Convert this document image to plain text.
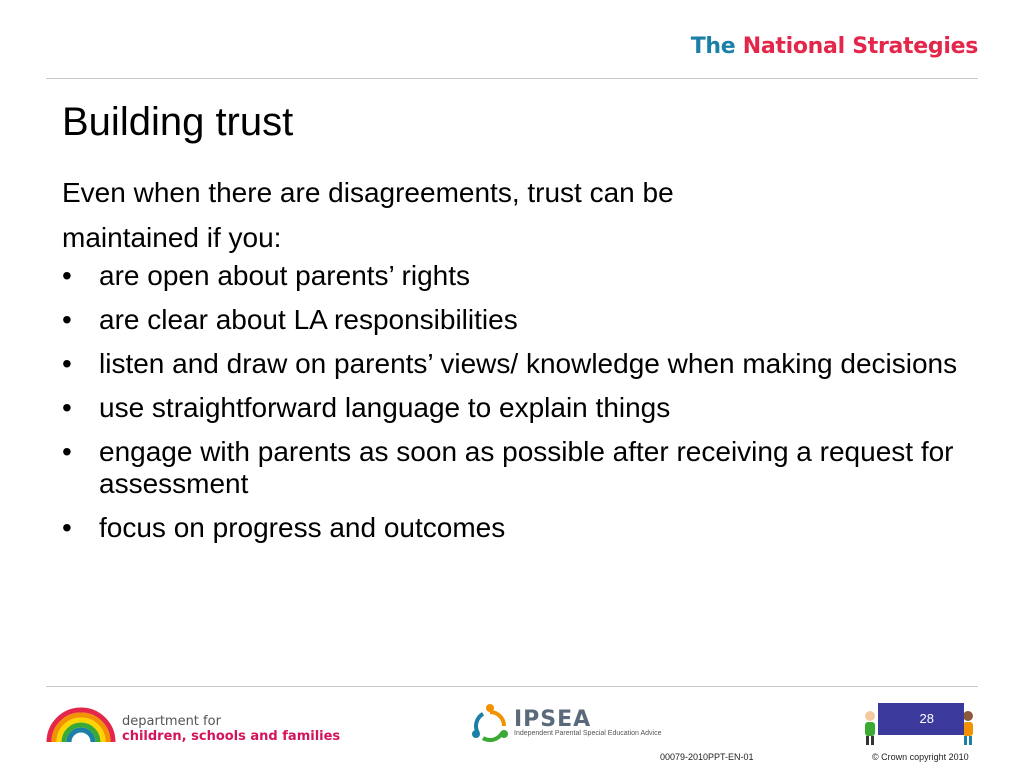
The National Strategies
Building trust
Even when there are disagreements, trust can be
maintained if you:
• are open about parents’ rights
• are clear about LA responsibilities
• listen and draw on parents’ views/ knowledge when making decisions
• use straightforward language to explain things
• engage with parents as soon as possible after receiving a request for assessment
• focus on progress and outcomes
department for
children, schools and families
IPSEA
Independent Parental Special Education Advice
28
00079-2010PPT-EN-01	© Crown copyright 2010
